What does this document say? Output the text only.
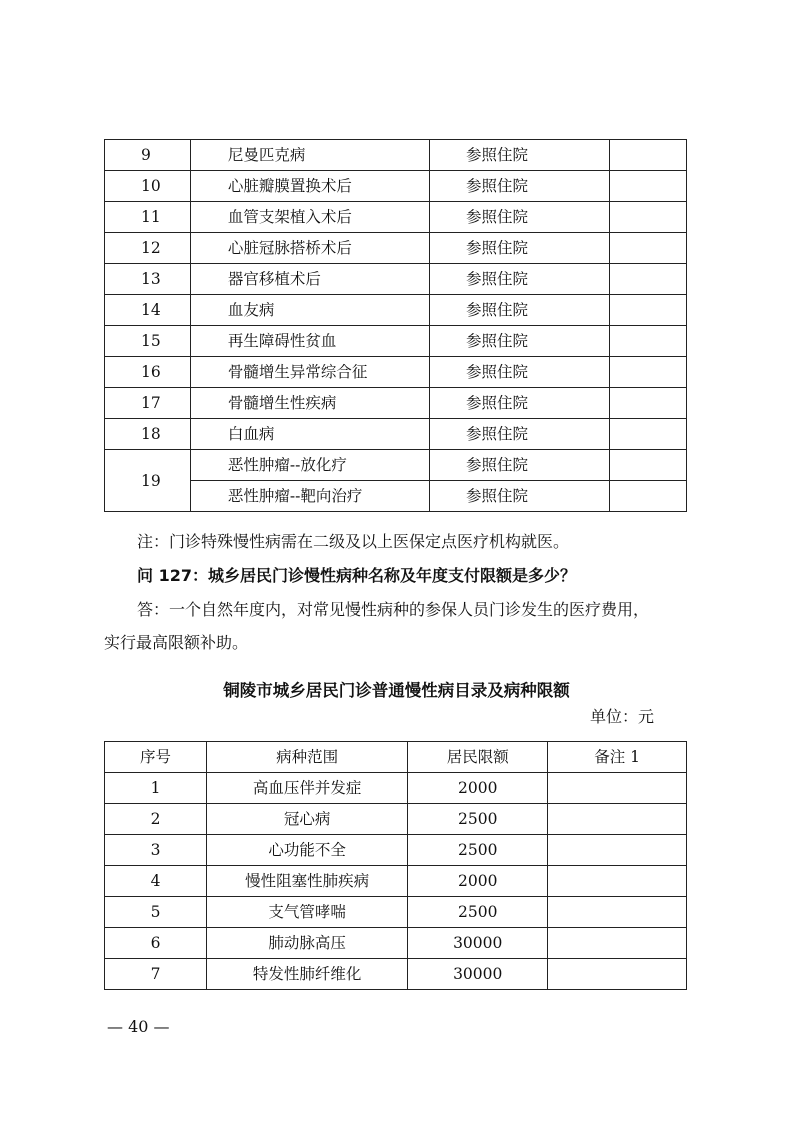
9	尼曼匹克病	参照住院	
10	心脏瓣膜置换术后	参照住院	
11	血管支架植入术后	参照住院	
12	心脏冠脉搭桥术后	参照住院	
13	器官移植术后	参照住院	
14	血友病	参照住院	
15	再生障碍性贫血	参照住院	
16	骨髓增生异常综合征	参照住院	
17	骨髓增生性疾病	参照住院	
18	白血病	参照住院	
19	恶性肿瘤--放化疗	参照住院	
	恶性肿瘤--靶向治疗	参照住院	
注：门诊特殊慢性病需在二级及以上医保定点医疗机构就医。
问 127：城乡居民门诊慢性病种名称及年度支付限额是多少？
答：一个自然年度内，对常见慢性病种的参保人员门诊发生的医疗费用，
实行最高限额补助。
铜陵市城乡居民门诊普通慢性病目录及病种限额
单位：元
序号	病种范围	居民限额	备注 1
1	高血压伴并发症	2000	
2	冠心病	2500	
3	心功能不全	2500	
4	慢性阻塞性肺疾病	2000	
5	支气管哮喘	2500	
6	肺动脉高压	30000	
7	特发性肺纤维化	30000	
— 40 —
